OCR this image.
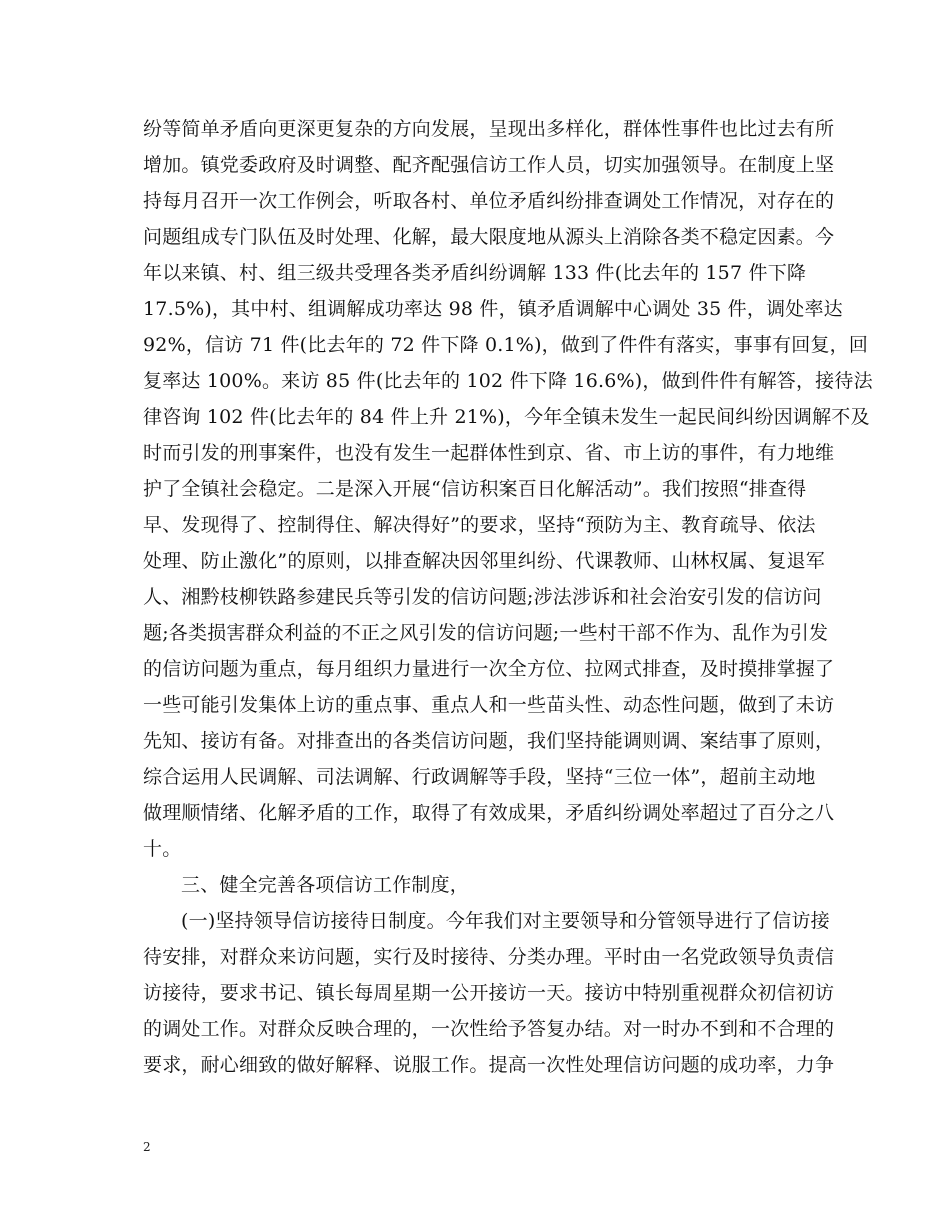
纷等简单矛盾向更深更复杂的方向发展，呈现出多样化，群体性事件也比过去有所
增加。镇党委政府及时调整、配齐配强信访工作人员，切实加强领导。在制度上坚
持每月召开一次工作例会，听取各村、单位矛盾纠纷排查调处工作情况，对存在的
问题组成专门队伍及时处理、化解，最大限度地从源头上消除各类不稳定因素。今
年以来镇、村、组三级共受理各类矛盾纠纷调解 133 件(比去年的 157 件下降
17.5%)，其中村、组调解成功率达 98 件，镇矛盾调解中心调处 35 件，调处率达
92%，信访 71 件(比去年的 72 件下降 0.1%)，做到了件件有落实，事事有回复，回
复率达 100%。来访 85 件(比去年的 102 件下降 16.6%)，做到件件有解答，接待法
律咨询 102 件(比去年的 84 件上升 21%)，今年全镇未发生一起民间纠纷因调解不及
时而引发的刑事案件，也没有发生一起群体性到京、省、市上访的事件，有力地维
护了全镇社会稳定。二是深入开展“信访积案百日化解活动”。我们按照“排查得
早、发现得了、控制得住、解决得好”的要求，坚持“预防为主、教育疏导、依法
处理、防止激化”的原则，以排查解决因邻里纠纷、代课教师、山林权属、复退军
人、湘黔枝柳铁路参建民兵等引发的信访问题;涉法涉诉和社会治安引发的信访问
题;各类损害群众利益的不正之风引发的信访问题;一些村干部不作为、乱作为引发
的信访问题为重点，每月组织力量进行一次全方位、拉网式排查，及时摸排掌握了
一些可能引发集体上访的重点事、重点人和一些苗头性、动态性问题，做到了未访
先知、接访有备。对排查出的各类信访问题，我们坚持能调则调、案结事了原则，
综合运用人民调解、司法调解、行政调解等手段，坚持“三位一体”，超前主动地
做理顺情绪、化解矛盾的工作，取得了有效成果，矛盾纠纷调处率超过了百分之八
十。
三、健全完善各项信访工作制度，
(一)坚持领导信访接待日制度。今年我们对主要领导和分管领导进行了信访接
待安排，对群众来访问题，实行及时接待、分类办理。平时由一名党政领导负责信
访接待，要求书记、镇长每周星期一公开接访一天。接访中特别重视群众初信初访
的调处工作。对群众反映合理的，一次性给予答复办结。对一时办不到和不合理的
要求，耐心细致的做好解释、说服工作。提高一次性处理信访问题的成功率，力争
2
